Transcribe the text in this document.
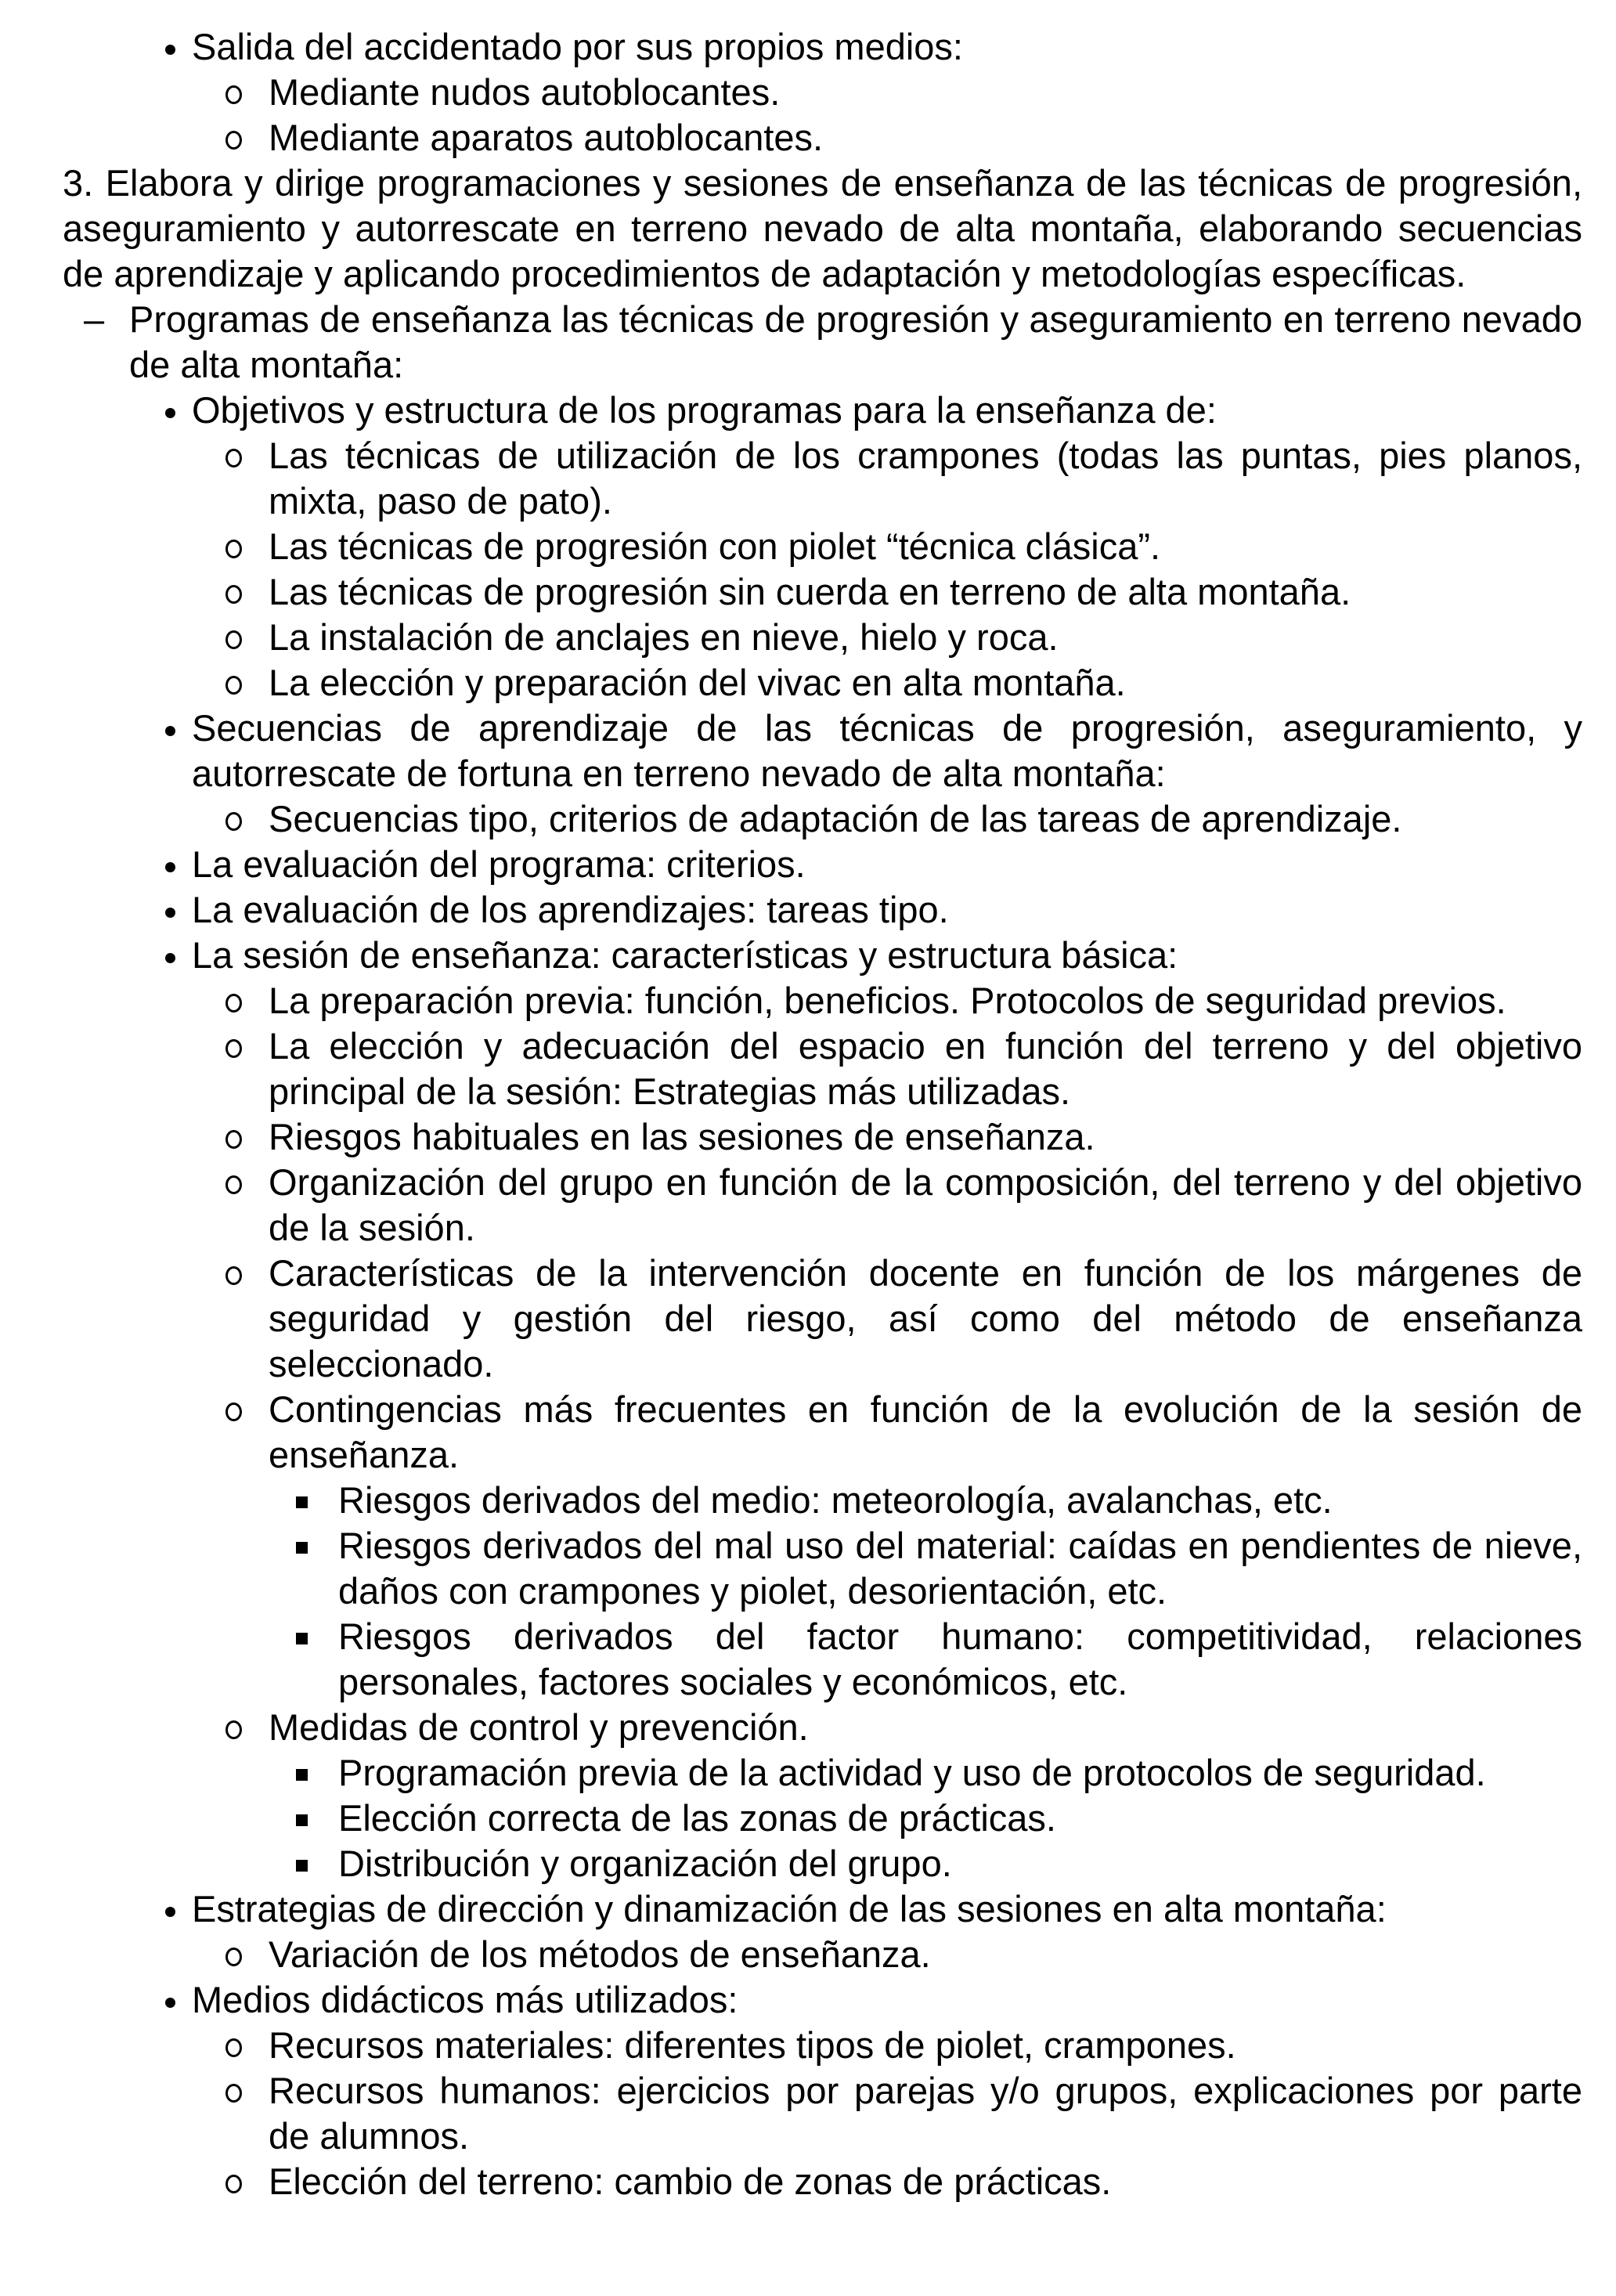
Salida del accidentado por sus propios medios:
Mediante nudos autoblocantes.
Mediante aparatos autoblocantes.
3. Elabora y dirige programaciones y sesiones de enseñanza de las técnicas de progresión, aseguramiento y autorrescate en terreno nevado de alta montaña, elaborando secuencias de aprendizaje y aplicando procedimientos de adaptación y metodologías específicas.
– Programas de enseñanza las técnicas de progresión y aseguramiento en terreno nevado de alta montaña:
Objetivos y estructura de los programas para la enseñanza de:
Las técnicas de utilización de los crampones (todas las puntas, pies planos, mixta, paso de pato).
Las técnicas de progresión con piolet “técnica clásica”.
Las técnicas de progresión sin cuerda en terreno de alta montaña.
La instalación de anclajes en nieve, hielo y roca.
La elección y preparación del vivac en alta montaña.
Secuencias de aprendizaje de las técnicas de progresión, aseguramiento, y autorrescate de fortuna en terreno nevado de alta montaña:
Secuencias tipo, criterios de adaptación de las tareas de aprendizaje.
La evaluación del programa: criterios.
La evaluación de los aprendizajes: tareas tipo.
La sesión de enseñanza: características y estructura básica:
La preparación previa: función, beneficios. Protocolos de seguridad previos.
La elección y adecuación del espacio en función del terreno y del objetivo principal de la sesión: Estrategias más utilizadas.
Riesgos habituales en las sesiones de enseñanza.
Organización del grupo en función de la composición, del terreno y del objetivo de la sesión.
Características de la intervención docente en función de los márgenes de seguridad y gestión del riesgo, así como del método de enseñanza seleccionado.
Contingencias más frecuentes en función de la evolución de la sesión de enseñanza.
Riesgos derivados del medio: meteorología, avalanchas, etc.
Riesgos derivados del mal uso del material: caídas en pendientes de nieve, daños con crampones y piolet, desorientación, etc.
Riesgos derivados del factor humano: competitividad, relaciones personales, factores sociales y económicos, etc.
Medidas de control y prevención.
Programación previa de la actividad y uso de protocolos de seguridad.
Elección correcta de las zonas de prácticas.
Distribución y organización del grupo.
Estrategias de dirección y dinamización de las sesiones en alta montaña:
Variación de los métodos de enseñanza.
Medios didácticos más utilizados:
Recursos materiales: diferentes tipos de piolet, crampones.
Recursos humanos: ejercicios por parejas y/o grupos, explicaciones por parte de alumnos.
Elección del terreno: cambio de zonas de prácticas.
